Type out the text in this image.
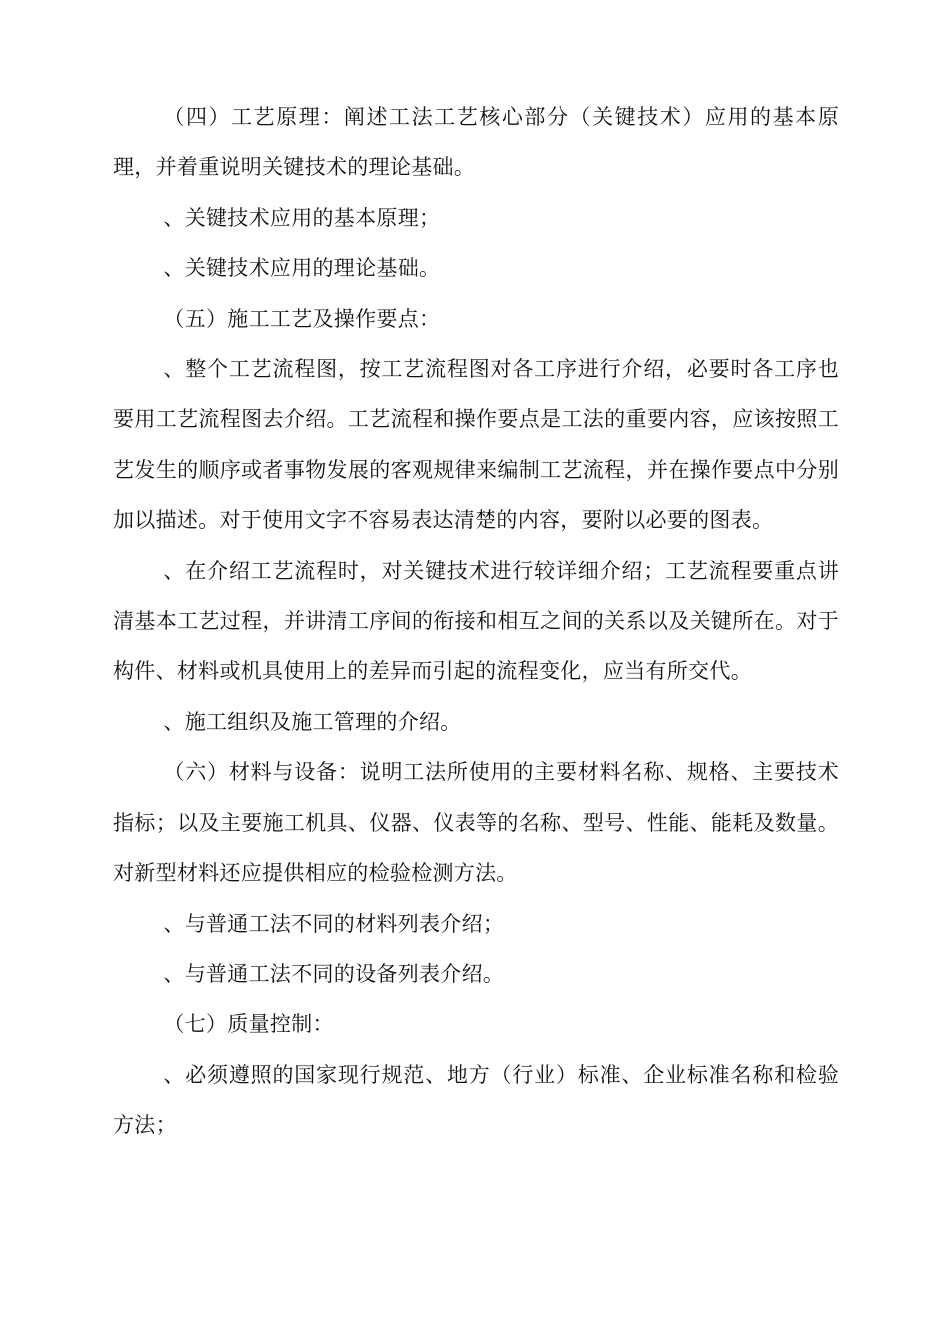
（四）工艺原理：阐述工法工艺核心部分（关键技术）应用的基本原理，并着重说明关键技术的理论基础。

、关键技术应用的基本原理；

、关键技术应用的理论基础。

（五）施工工艺及操作要点：

、整个工艺流程图，按工艺流程图对各工序进行介绍，必要时各工序也要用工艺流程图去介绍。工艺流程和操作要点是工法的重要内容，应该按照工艺发生的顺序或者事物发展的客观规律来编制工艺流程，并在操作要点中分别加以描述。对于使用文字不容易表达清楚的内容，要附以必要的图表。

、在介绍工艺流程时，对关键技术进行较详细介绍；工艺流程要重点讲清基本工艺过程，并讲清工序间的衔接和相互之间的关系以及关键所在。对于构件、材料或机具使用上的差异而引起的流程变化，应当有所交代。

、施工组织及施工管理的介绍。

（六）材料与设备：说明工法所使用的主要材料名称、规格、主要技术指标；以及主要施工机具、仪器、仪表等的名称、型号、性能、能耗及数量。对新型材料还应提供相应的检验检测方法。

、与普通工法不同的材料列表介绍；

、与普通工法不同的设备列表介绍。

（七）质量控制：

、必须遵照的国家现行规范、地方（行业）标准、企业标准名称和检验方法；
